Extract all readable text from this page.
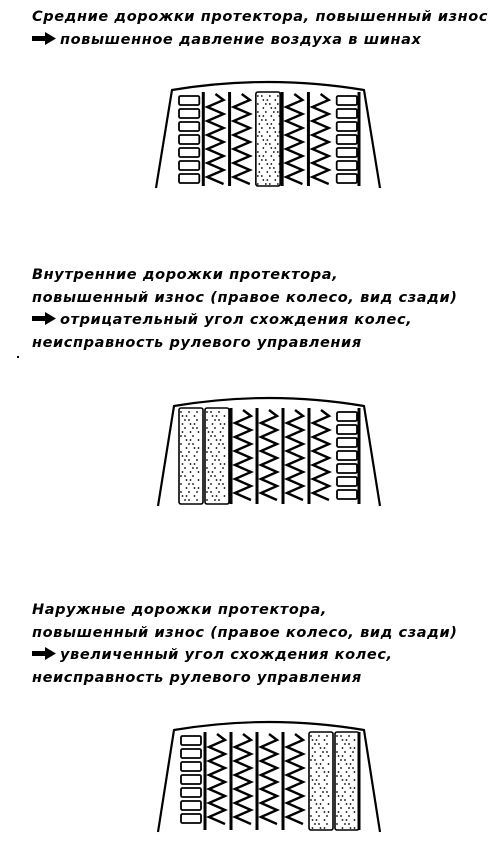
Средние дорожки протектора, повышенный износ
повышенное давление воздуха в шинах
Внутренние дорожки протектора,
повышенный износ (правое колесо, вид сзади)
отрицательный угол схождения колес,
неисправность рулевого управления
Наружные дорожки протектора,
повышенный износ (правое колесо, вид сзади)
увеличенный угол схождения колес,
неисправность рулевого управления
